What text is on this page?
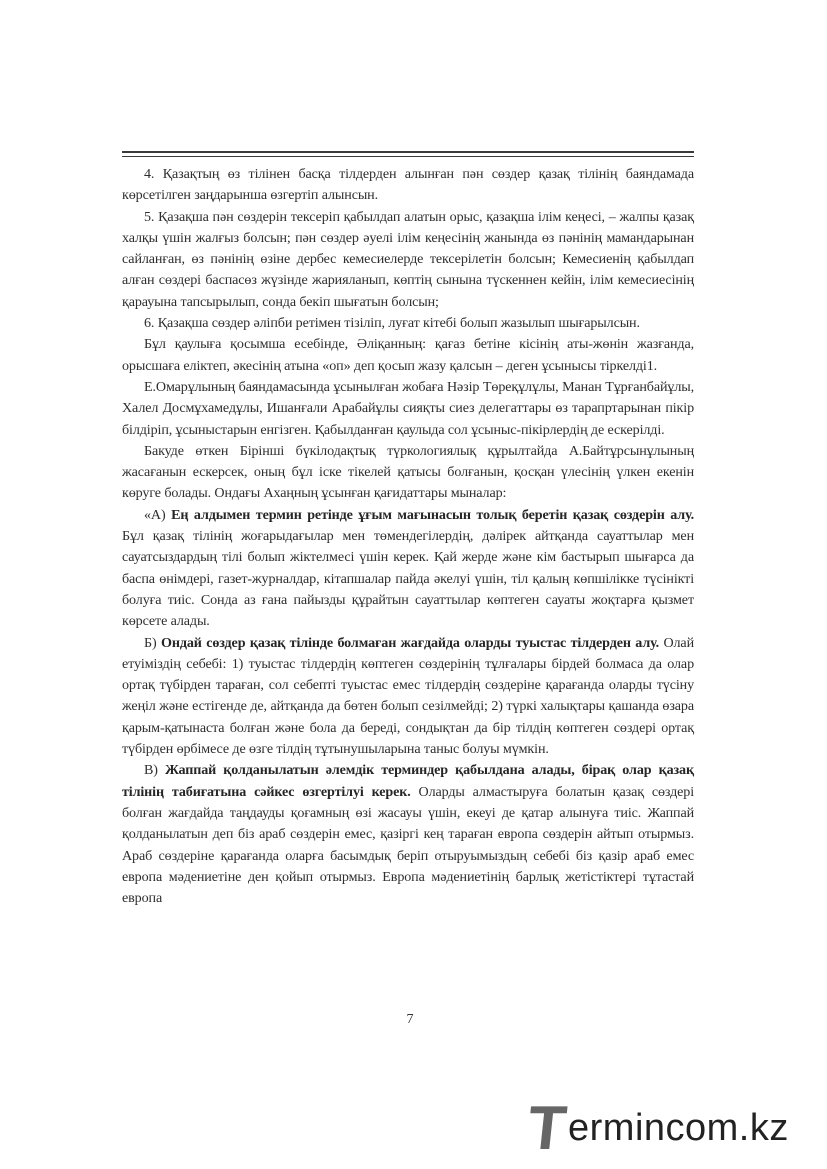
4. Қазақтың өз тілінен басқа тілдерден алынған пән сөздер қазақ тілінің баяндамада көрсетілген заңдарынша өзгертіп алынсын.

5. Қазақша пән сөздерін тексеріп қабылдап алатын орыс, қазақша ілім кеңесі, – жалпы қазақ халқы үшін жалғыз болсын; пән сөздер әуелі ілім кеңесінің жанында өз пәнінің мамандарынан сайланған, өз пәнінің өзіне дербес кемесиелерде тексерілетін болсын; Кемесиенің қабылдап алған сөздері баспасөз жүзінде жарияланып, көптің сынына түскеннен кейін, ілім кемесиесінің қарауына тапсырылып, сонда бекіп шығатын болсын;

6. Қазақша сөздер әліпби ретімен тізіліп, луғат кітебі болып жазылып шығарылсын.

Бұл қаулыға қосымша есебінде, Әліқанның: қағаз бетіне кісінің аты-жөнін жазғанда, орысшаға еліктеп, әкесінің атына «оп» деп қосып жазу қалсын – деген ұсынысы тіркелді1.

Е.Омарұлының баяндамасында ұсынылған жобаға Нәзір Төреқұлұлы, Манан Тұрғанбайұлы, Халел Досмұхамедұлы, Ишанғали Арабайұлы сияқты сиез делегаттары өз тарапртарынан пікір білдіріп, ұсыныстарын енгізген. Қабылданған қаулыда сол ұсыныс-пікірлердің де ескерілді.

Бакуде өткен Бірінші бүкілодақтық түркологиялық құрылтайда А.Байтұрсынұлының жасағанын ескерсек, оның бұл іске тікелей қатысы болғанын, қосқан үлесінің үлкен екенін көруге болады. Ондағы Ахаңның ұсынған қағидаттары мыналар:

«А) Ең алдымен термин ретінде ұғым мағынасын толық беретін қазақ сөздерін алу. Бұл қазақ тілінің жоғарыдағылар мен төмендегілердің, дәлірек айтқанда сауаттылар мен сауатсыздардың тілі болып жіктелмесі үшін керек. Қай жерде және кім бастырып шығарса да баспа өнімдері, газет-журналдар, кітапшалар пайда әкелуі үшін, тіл қалың көпшілікке түсінікті болуға тиіс. Сонда аз ғана пайызды құрайтын сауаттылар көптеген сауаты жоқтарға қызмет көрсете алады.

Б) Ондай сөздер қазақ тілінде болмаған жағдайда оларды туыстас тілдерден алу. Олай етуіміздің себебі: 1) туыстас тілдердің көптеген сөздерінің тұлғалары бірдей болмаса да олар ортақ түбірден тараған, сол себепті туыстас емес тілдердің сөздеріне қарағанда оларды түсіну жеңіл және естігенде де, айтқанда да бөтен болып сезілмейді; 2) түркі халықтары қашанда өзара қарым-қатынаста болған және бола да береді, сондықтан да бір тілдің көптеген сөздері ортақ түбірден өрбімесе де өзге тілдің тұтынушыларына таныс болуы мүмкін.

В) Жаппай қолданылатын әлемдік терминдер қабылдана алады, бірақ олар қазақ тілінің табиғатына сәйкес өзгертілуі керек. Оларды алмастыруға болатын қазақ сөздері болған жағдайда таңдауды қоғамның өзі жасауы үшін, екеуі де қатар алынуға тиіс. Жаппай қолданылатын деп біз араб сөздерін емес, қазіргі кең тараған европа сөздерін айтып отырмыз. Араб сөздеріне қарағанда оларға басымдық беріп отыруымыздың себебі біз қазір араб емес европа мәдениетіне ден қойып отырмыз. Европа мәдениетінің барлық жетістіктері тұтастай европа

7
T
ermincom.kz
